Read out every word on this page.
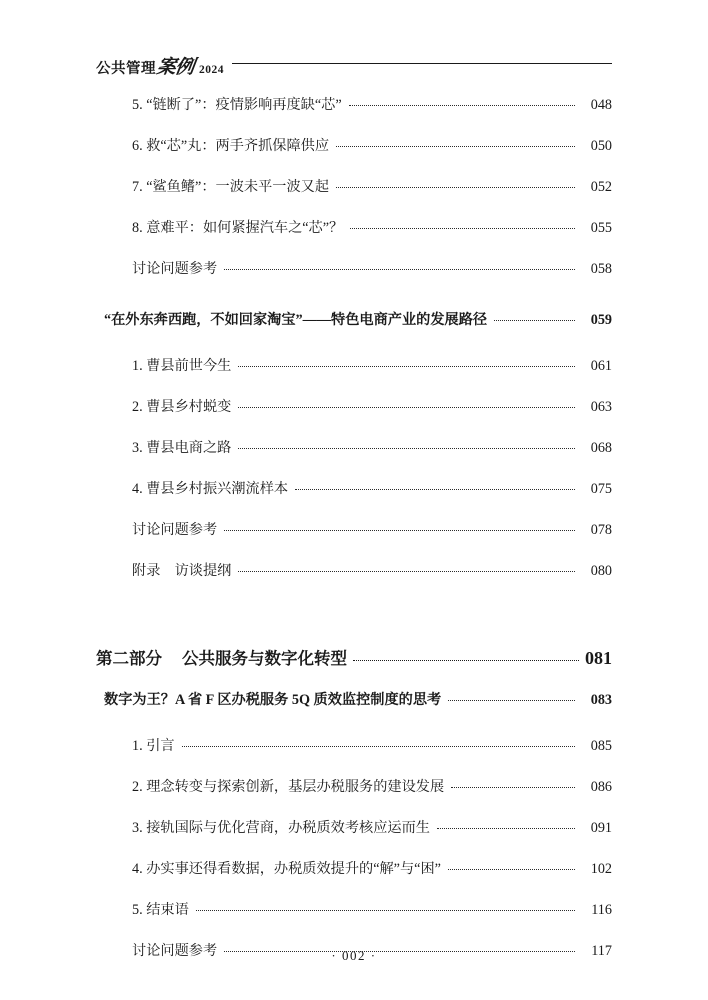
公共管理 案例 2024
5. “链断了”：疫情影响再度缺“芯”	048
6. 救“芯”丸：两手齐抓保障供应	050
7. “鲨鱼鳍”：一波未平一波又起	052
8. 意难平：如何紧握汽车之“芯”？	055
讨论问题参考	058
“在外东奔西跑，不如回家淘宝”——特色电商产业的发展路径	059
1. 曹县前世今生	061
2. 曹县乡村蜕变	063
3. 曹县电商之路	068
4. 曹县乡村振兴潮流样本	075
讨论问题参考	078
附录　访谈提纲	080
第二部分 公共服务与数字化转型	081
数字为王？A 省 F 区办税服务 5Q 质效监控制度的思考	083
1. 引言	085
2. 理念转变与探索创新，基层办税服务的建设发展	086
3. 接轨国际与优化营商，办税质效考核应运而生	091
4. 办实事还得看数据，办税质效提升的“解”与“困”	102
5. 结束语	116
讨论问题参考	117
· 002 ·
